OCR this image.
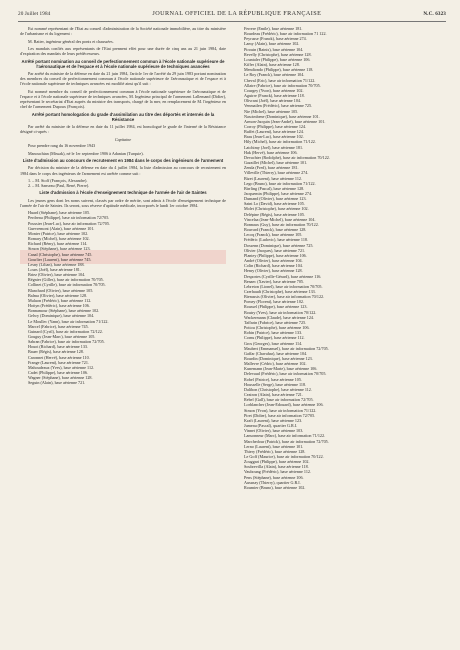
20 Juillet 1984	JOURNAL OFFICIEL DE LA RÉPUBLIQUE FRANÇAISE	N.C. 6323

Est nommé représentant de l'Etat au conseil d'administration de la Société nationale immobilière, au titre du ministère de l'urbanisme et du logement :

M. Ratier, ingénieur général des ponts et chaussées.

Les mandats confiés aux représentants de l'Etat prennent effet pour une durée de cinq ans au 21 juin 1984, date d'expiration des mandats de leurs prédécesseurs.

Arrêté portant nomination au conseil de perfectionnement commun à l'école nationale supérieure de l'aéronautique et de l'espace et à l'école nationale supérieure de techniques avancées

Par arrêté du ministre de la défense en date du 21 juin 1984, l'article 1er de l'arrêté du 29 juin 1983 portant nomination des membres du conseil de perfectionnement commun à l'école nationale supérieure de l'aéronautique et de l'espace et à l'école nationale supérieure de techniques avancées est modifié ainsi qu'il suit :

Est nommé membre du conseil de perfectionnement commun à l'école nationale supérieure de l'aéronautique et de l'espace et à l'école nationale supérieure de techniques avancées, M. Ingénieur principal de l'armement Lallemand (Didier), représentant le secrétariat d'Etat auprès du ministre des transports, chargé de la mer, en remplacement de M. l'ingénieur en chef de l'armement Dupoux (François).

Arrêté portant homologation du grade d'assimilation au titre des déportés et internés de la Résistance

Par arrêté du ministre de la défense en date du 11 juillet 1984, est homologué le grade de l'interné de la Résistance désigné ci-après :

Capitaine

Pour prendre rang du 16 novembre 1943

Manouchian (Missak), né le 1er septembre 1906 à Adanian (Turquie).

Liste d'admission au concours de recrutement en 1984 dans le corps des ingénieurs de l'armement

Par décision du ministre de la défense en date du 4 juillet 1984, la liste d'admission au concours de recrutement en 1984 dans le corps des ingénieurs de l'armement est arrêtée comme suit :

1. – M. Stoff (François, Alexandre).
2. – M. Sanseau (Paul, René, Pierre).
Liste d'admission à l'école d'enseignement technique de l'armée de l'air de Saintes

Les jeunes gens dont les noms suivent, classés par ordre de mérite, sont admis à l'école d'enseignement technique de l'armée de l'air de Saintes. Ils seront, sous réserve d'aptitude médicale, incorporés le lundi 1er octobre 1984.

Huard (Stéphane), base aérienne 105.
Perdreau (Philippe), base air information 72/705.
Poussier (Jean-Luc), base air information 72/705.
Guevremont (Alain), base aérienne 101.
Monier (Patrice), base aérienne 102.
Romary (Michel), base aérienne 102.
Richard (Rémy), base aérienne 114.
Simon (Stéphane), base aérienne 123.
Canal (Christophe), base aérienne 745.
Gourlier (Laurent), base aérienne 745.
Lesny (Lilian), base aérienne 188.
Lours (Joël), base aérienne 181.
Briez (Olivier), base aérienne 104.
Régnier (Gilles), base air information 70/705.
Collinet (Cyrille), base air information 70/705.
Blanchard (Olivier), base aérienne 105.
Balma (Olivier), base aérienne 128.
Muluon (Frédéric), base aérienne 112.
Hottyn (Frédéric), base aérienne 106.
Bonnamour (Stéphane), base aérienne 102.
Gelwy (Dominique), base aérienne 104.
Le Moullec (Yann), base air information 71/122.
Marcel (Fabrice), base aérienne 745.
Guinard (Cyril), base air information 72/122.
Gouguy (Jean-Marc), base aérienne 105.
Sabran (Fabrice), base air information 72/705.
Houot (Richard), base aérienne 133.
Bauer (Régis), base aérienne 128.
Caronnet (Hervé), base aérienne 110.
Frange (Laurent), base aérienne 721.
Mahoudeaux (Yves), base aérienne 112.
Cadet (Philippe), base aérienne 106.
Wagner (Stéphane), base aérienne 128.
Seguin (Alain), base aérienne 721.
Ferrere (Emile), base aérienne 181.
Bourdeau (Frédéric), base air information 71 122.
Peyrusse (Franck), base aérienne 274.
Lamy (Alain), base aérienne 102.
Pirouin (Rainis), base aérienne 104.
Revelly (Christophe), base aérienne 128.
Lountaler (Philippe), base aérienne 106.
Kiffer (Alain), base aérienne 128.
Mendiondo (Philippe), base aérienne 118.
Le Roy (Franck), base aérienne 104.
Cheval (Eric), base air information 71/122.
Allaire (Fabrice), base air information 70/705.
Courgey (Yvon), base aérienne 102.
Aguirre (Franck), base aérienne 118.
Olivrant (Joël), base aérienne 104.
Venmailen (Frédéric), base aérienne 725.
Nie (Michel), base aérienne 105.
Nascimbene (Dominique), base aérienne 101.
Armon-Jacquin (Jean-André), base aérienne 101.
Corroy (Philippe), base aérienne 124.
Buffet (Laurent), base aérienne 124.
Brau (Jean-Luc), base aérienne 102.
Hily (Michel), base air information 71/122.
Latchimy (Joel), base aérienne 181.
Hak (Hervé), base aérienne 106.
Devachter (Rodolphe), base air information 70/122.
Gazaillet (Michel), base aérienne 101.
Zenda (Fred), base aérienne 181.
Villeville (Thierry), base aérienne 274.
Bizet (Laurent), base aérienne 112.
Lego (Bruno), base air information 71/122.
Birrling (Pascal), base aérienne 128.
Jacquemin (Philippe), base aérienne 274.
Dumand (Olivier), base aérienne 123.
Saint Lo (David), base aérienne 105.
Molet (Christophe), base aérienne 102.
Delépine (Régis), base aérienne 105.
Vincelaa (Jean-Michel), base aérienne 104.
Bonnaux (Guy), base air information 70/122.
Bouvard (Franck), base aérienne 128.
Lecoq (Franck), base aérienne 105.
Frédéric (Ludovic), base aérienne 118.
Dossenn (Dominique), base aérienne 725.
Olivier (Jacques), base aérienne 721.
Plantey (Philippe), base aérienne 106.
André (Olivier), base aérienne 104.
Colin (Richard), base aérienne 104.
Henry (Olivier), base aérienne 128.
Desportes (Cyrille-Gérard), base aérienne 116.
Benaec (Xavier), base aérienne 705.
Lebreton (Lionel), base air information 70/705.
Czerhaudt (Christophe), base aérienne 133.
Bienassis (Olivier), base air information 70/122.
Pomey (Florent), base aérienne 102.
Roussel (Philippe), base aérienne 123.
Boutry (Yves), base air information 70/122.
Wackermann (Claude), base aérienne 124.
Taffarin (Fabrice), base aérienne 725.
Pottou (Christophe), base aérienne 106.
Robin (Patrice), base aérienne 133.
Cornu (Philippe), base aérienne 112.
Gros (Georges), base aérienne 114.
Maubert (Emmanuel), base air information 72/705.
Gaffar (Chavahar), base aérienne 104.
Bourdin (Dominique), base aérienne 123.
Mallevre (Cédric), base aérienne 102.
Kunemann (Jean-Marie), base aérienne 106.
Delevaud (Frédéric), base air information 70/705.
Robel (Patrice), base aérienne 105.
Housselle (Serge), base aérienne 118.
Dalibon (Christophe), base aérienne 112.
Ceairon (Alain), base aérienne 721.
Rebel (Gall), base air information 72/705.
Lorblancher (Jean-Edouard), base aérienne 106.
Simon (Yvon), base air information 71/122.
Piret (Didier), base air information 72/705.
Kraft (Laurent), base aérienne 123.
Jumeau (Pascal), quartier G.R.I.
Vinnet (Olivier), base aérienne 103.
Lansonneur (Marc), base air information 71/122.
Marchedour (Patrick), base air information 72/705.
Lerno (Laurent), base aérienne 101.
Thiery (Frédéric), base aérienne 128.
Le Goff (Maurice), base air information 70/122.
Zouggari (Philippe), base aérienne 102.
Soubrevilla (Alain), base aérienne 118.
Vauboung (Frédéric), base aérienne 112.
Pens (Stéphane), base aérienne 106.
Aussnay (Thierry), quartier G.R.I.
Roumier (Bruno), base aérienne 102.
